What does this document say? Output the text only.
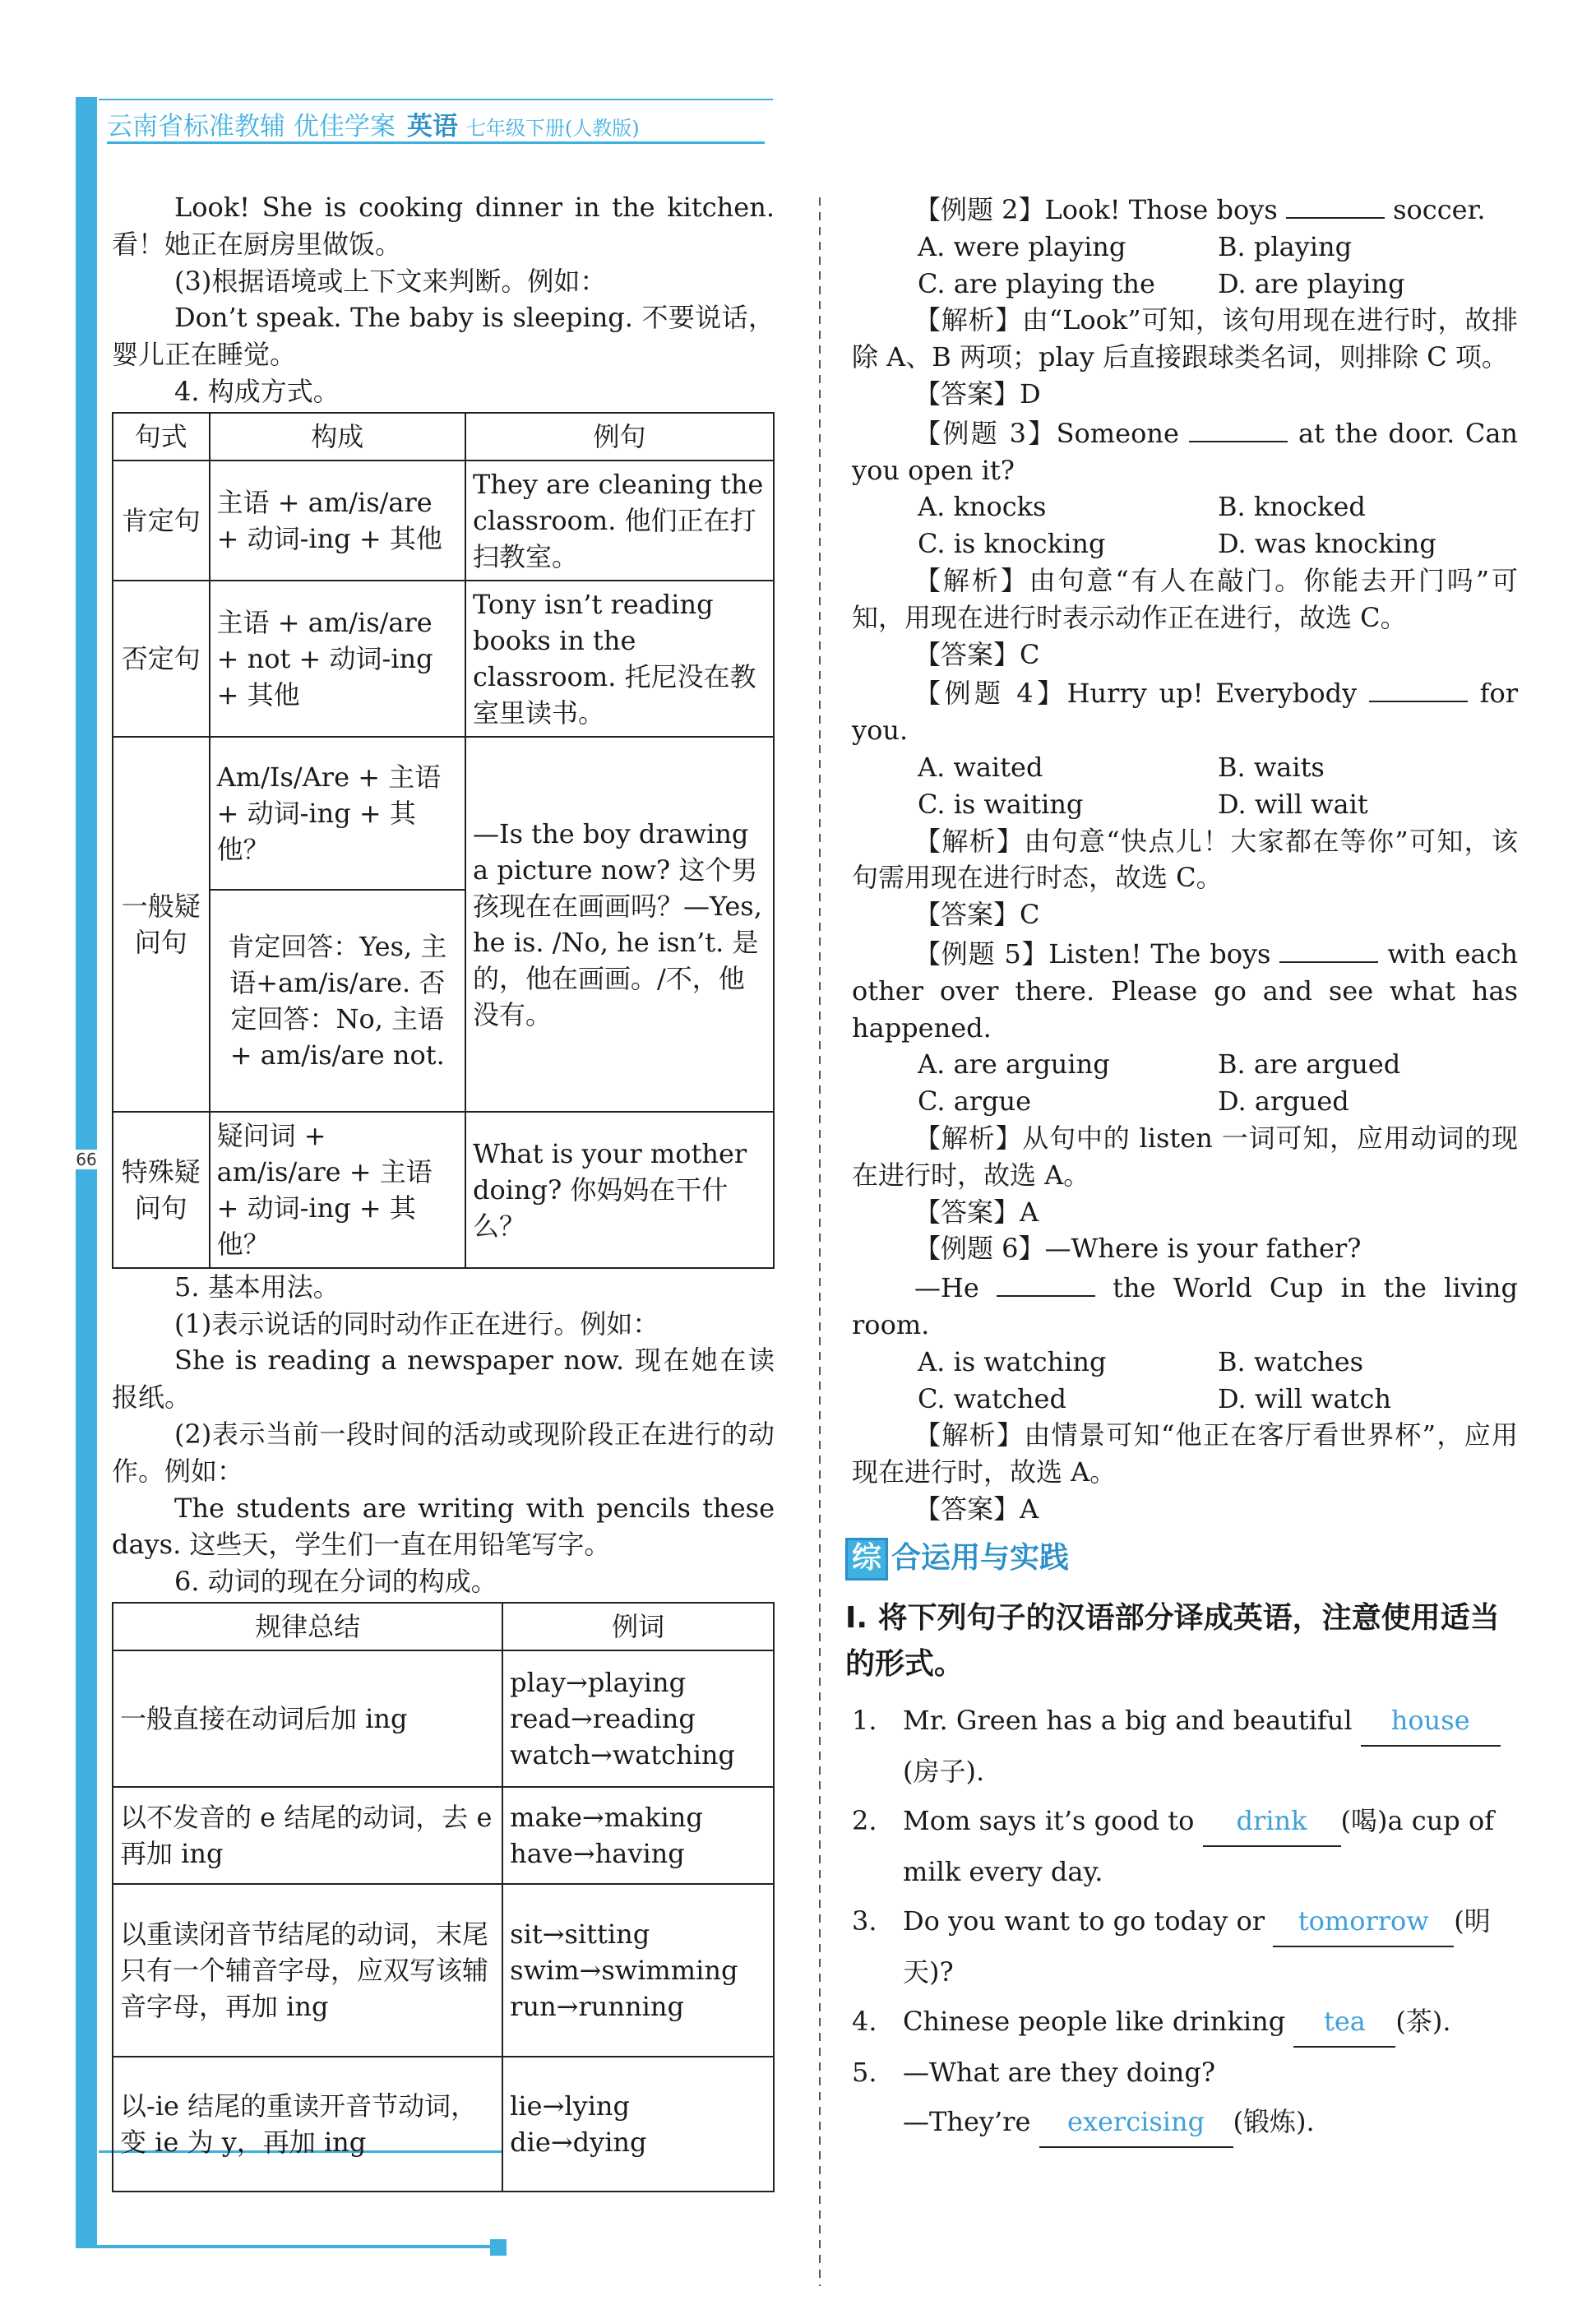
云南省标准教辅 优佳学案 英语 七年级下册(人教版)
66

Look! She is cooking dinner in the kitchen. 看！她正在厨房里做饭。

(3)根据语境或上下文来判断。例如：

Don’t speak. The baby is sleeping. 不要说话，婴儿正在睡觉。

4. 构成方式。

句式	构成	例句
肯定句	主语 + am/is/are + 动词-ing + 其他	They are cleaning the classroom. 他们正在打扫教室。
否定句	主语 + am/is/are + not + 动词-ing + 其他	Tony isn’t reading books in the classroom. 托尼没在教室里读书。
一般疑问句	Am/Is/Are + 主语 + 动词-ing + 其他？	—Is the boy drawing a picture now? 这个男孩现在在画画吗？—Yes, he is. /No, he isn’t. 是的，他在画画。/不，他没有。
	肯定回答：Yes, 主语+am/is/are. 否定回答：No, 主语 + am/is/are not.	
特殊疑问句	疑问词 + am/is/are + 主语 + 动词-ing + 其他？	What is your mother doing? 你妈妈在干什么？

5. 基本用法。

(1)表示说话的同时动作正在进行。例如：

She is reading a newspaper now. 现在她在读报纸。

(2)表示当前一段时间的活动或现阶段正在进行的动作。例如：

The students are writing with pencils these days. 这些天，学生们一直在用铅笔写字。

6. 动词的现在分词的构成。

规律总结	例词
一般直接在动词后加 ing	play→playing
read→reading
watch→watching

以不发音的 e 结尾的动词，去 e 再加 ing	make→making
have→having

以重读闭音节结尾的动词，末尾只有一个辅音字母，应双写该辅音字母，再加 ing	sit→sitting
swim→swimming
run→running

以-ie 结尾的重读开音节动词，变 ie 为 y，再加 ing	lie→lying
die→dying

【例题 2】Look! Those boys	soccer.

A. were playing	B. playing
C. are playing the	D. are playing

【解析】由“Look”可知，该句用现在进行时，故排除 A、B 两项；play 后直接跟球类名词，则排除 C 项。

【答案】D

【例题 3】Someone	at the door. Can you open it?

A. knocks	B. knocked
C. is knocking	D. was knocking

【解析】由句意“有人在敲门。你能去开门吗”可知，用现在进行时表示动作正在进行，故选 C。

【答案】C

【例题 4】Hurry up! Everybody	for you.

A. waited	B. waits
C. is waiting	D. will wait

【解析】由句意“快点儿！大家都在等你”可知，该句需用现在进行时态，故选 C。

【答案】C

【例题 5】Listen! The boys	with each other over there. Please go and see what has happened.

A. are arguing	B. are argued
C. argue	D. argued

【解析】从句中的 listen 一词可知，应用动词的现在进行时，故选 A。

【答案】A

【例题 6】—Where is your father?

—He	the World Cup in the living room.

A. is watching	B. watches
C. watched	D. will watch

【解析】由情景可知“他正在客厅看世界杯”，应用现在进行时，故选 A。

【答案】A

综 合运用与实践

Ⅰ. 将下列句子的汉语部分译成英语，注意使用适当的形式。

1. Mr. Green has a big and beautiful house (房子).
2. Mom says it’s good to drink (喝)a cup of milk every day.
3. Do you want to go today or tomorrow (明天)?
4. Chinese people like drinking tea (茶).
5. —What are they doing?
—They’re exercising (锻炼).
